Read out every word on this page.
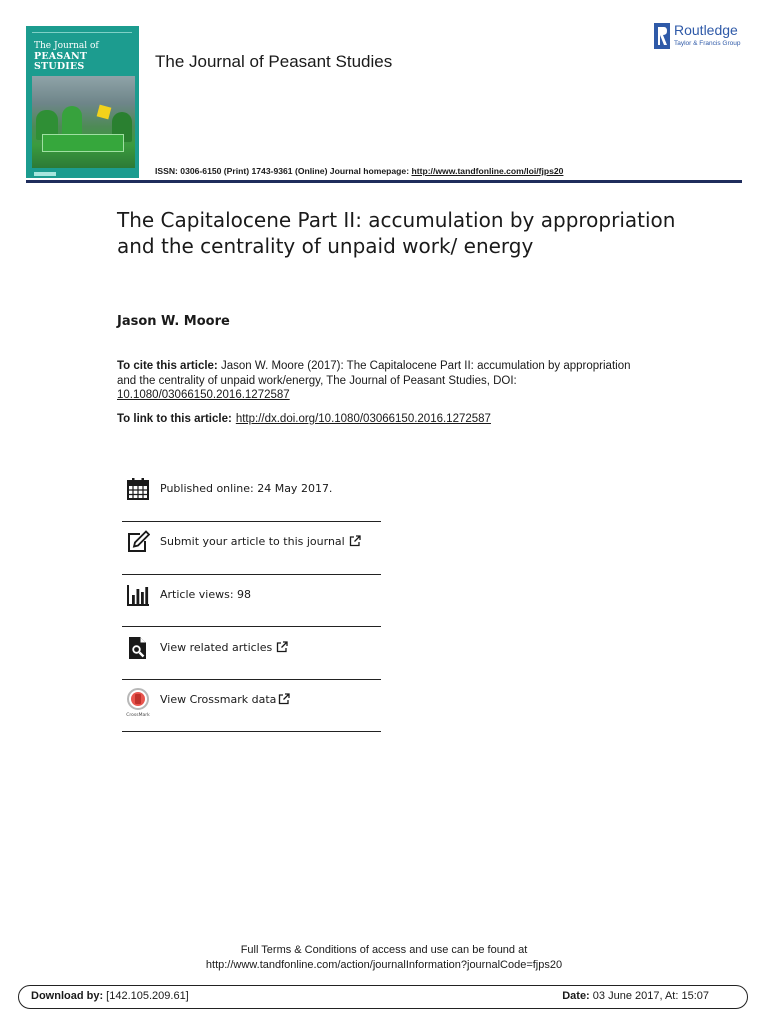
The Journal of
PEASANT STUDIES	The Journal of Peasant Studies
ISSN: 0306-6150 (Print) 1743-9361 (Online) Journal homepage: http://www.tandfonline.com/loi/fjps20
Routledge
Taylor & Francis Group
The Capitalocene Part II: accumulation by appropriation and the centrality of unpaid work/ energy
Jason W. Moore
To cite this article: Jason W. Moore (2017): The Capitalocene Part II: accumulation by appropriation and the centrality of unpaid work/energy, The Journal of Peasant Studies, DOI: 10.1080/03066150.2016.1272587
To link to this article: http://dx.doi.org/10.1080/03066150.2016.1272587
Published online: 24 May 2017.
Submit your article to this journal
Article views: 98
View related articles
CrossMark
View Crossmark data
Full Terms & Conditions of access and use can be found at
http://www.tandfonline.com/action/journalInformation?journalCode=fjps20
Download by: [142.105.209.61]	Date: 03 June 2017, At: 15:07
